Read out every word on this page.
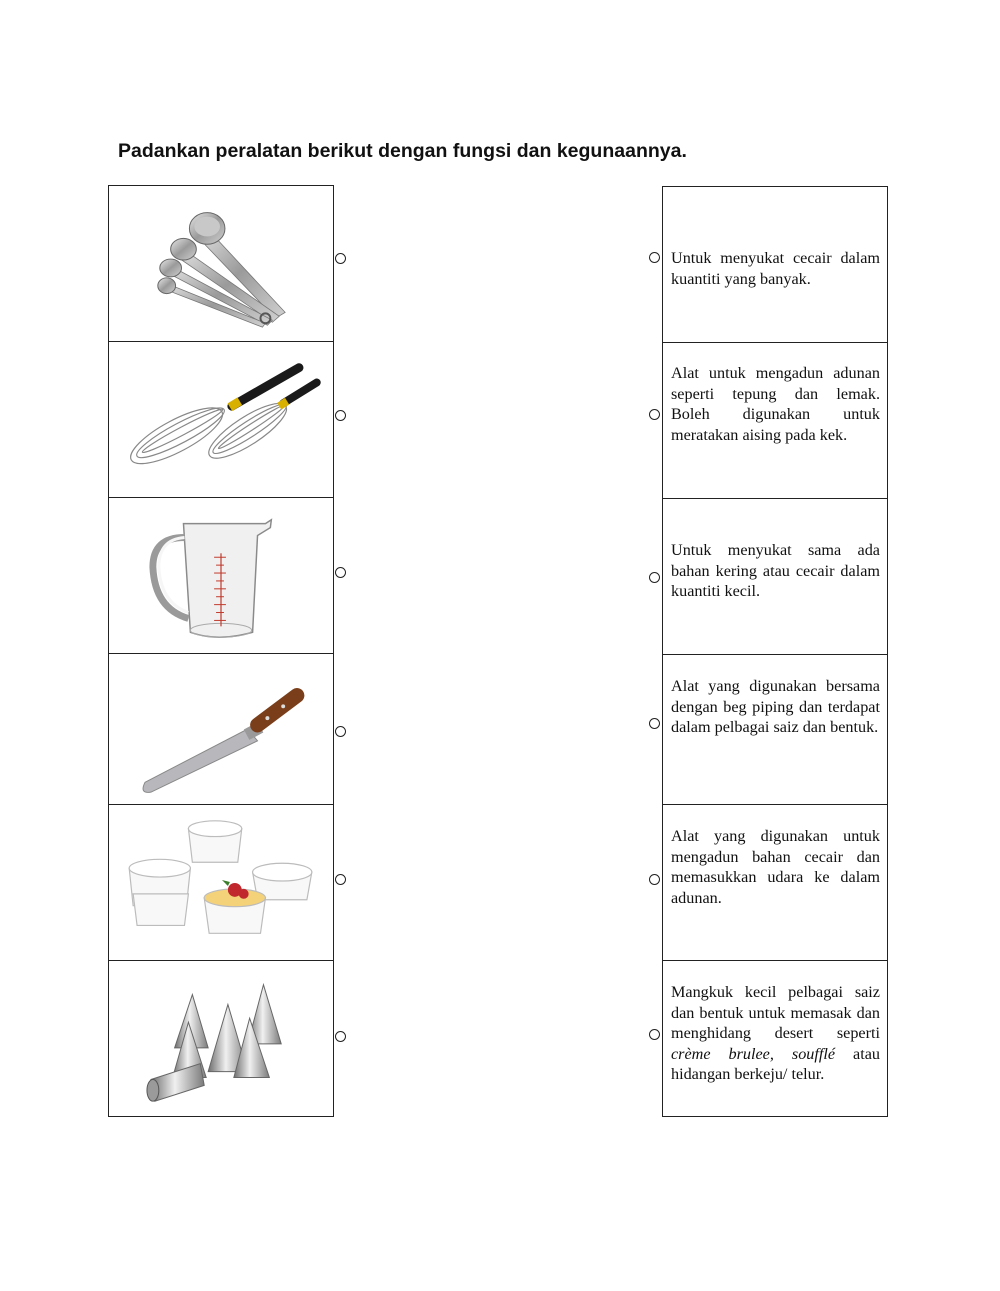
Padankan peralatan berikut dengan fungsi dan kegunaannya.
Untuk menyukat cecair dalam kuantiti yang banyak.
Alat untuk mengadun adunan seperti tepung dan lemak. Boleh digunakan untuk meratakan aising pada kek.
Untuk menyukat sama ada bahan kering atau cecair dalam kuantiti kecil.
Alat yang digunakan bersama dengan beg piping dan terdapat dalam pelbagai saiz dan bentuk.
Alat yang digunakan untuk mengadun bahan cecair dan memasukkan udara ke dalam adunan.
Mangkuk kecil pelbagai saiz dan bentuk untuk memasak dan menghidang desert seperti crème brulee, soufflé atau hidangan berkeju/ telur.
